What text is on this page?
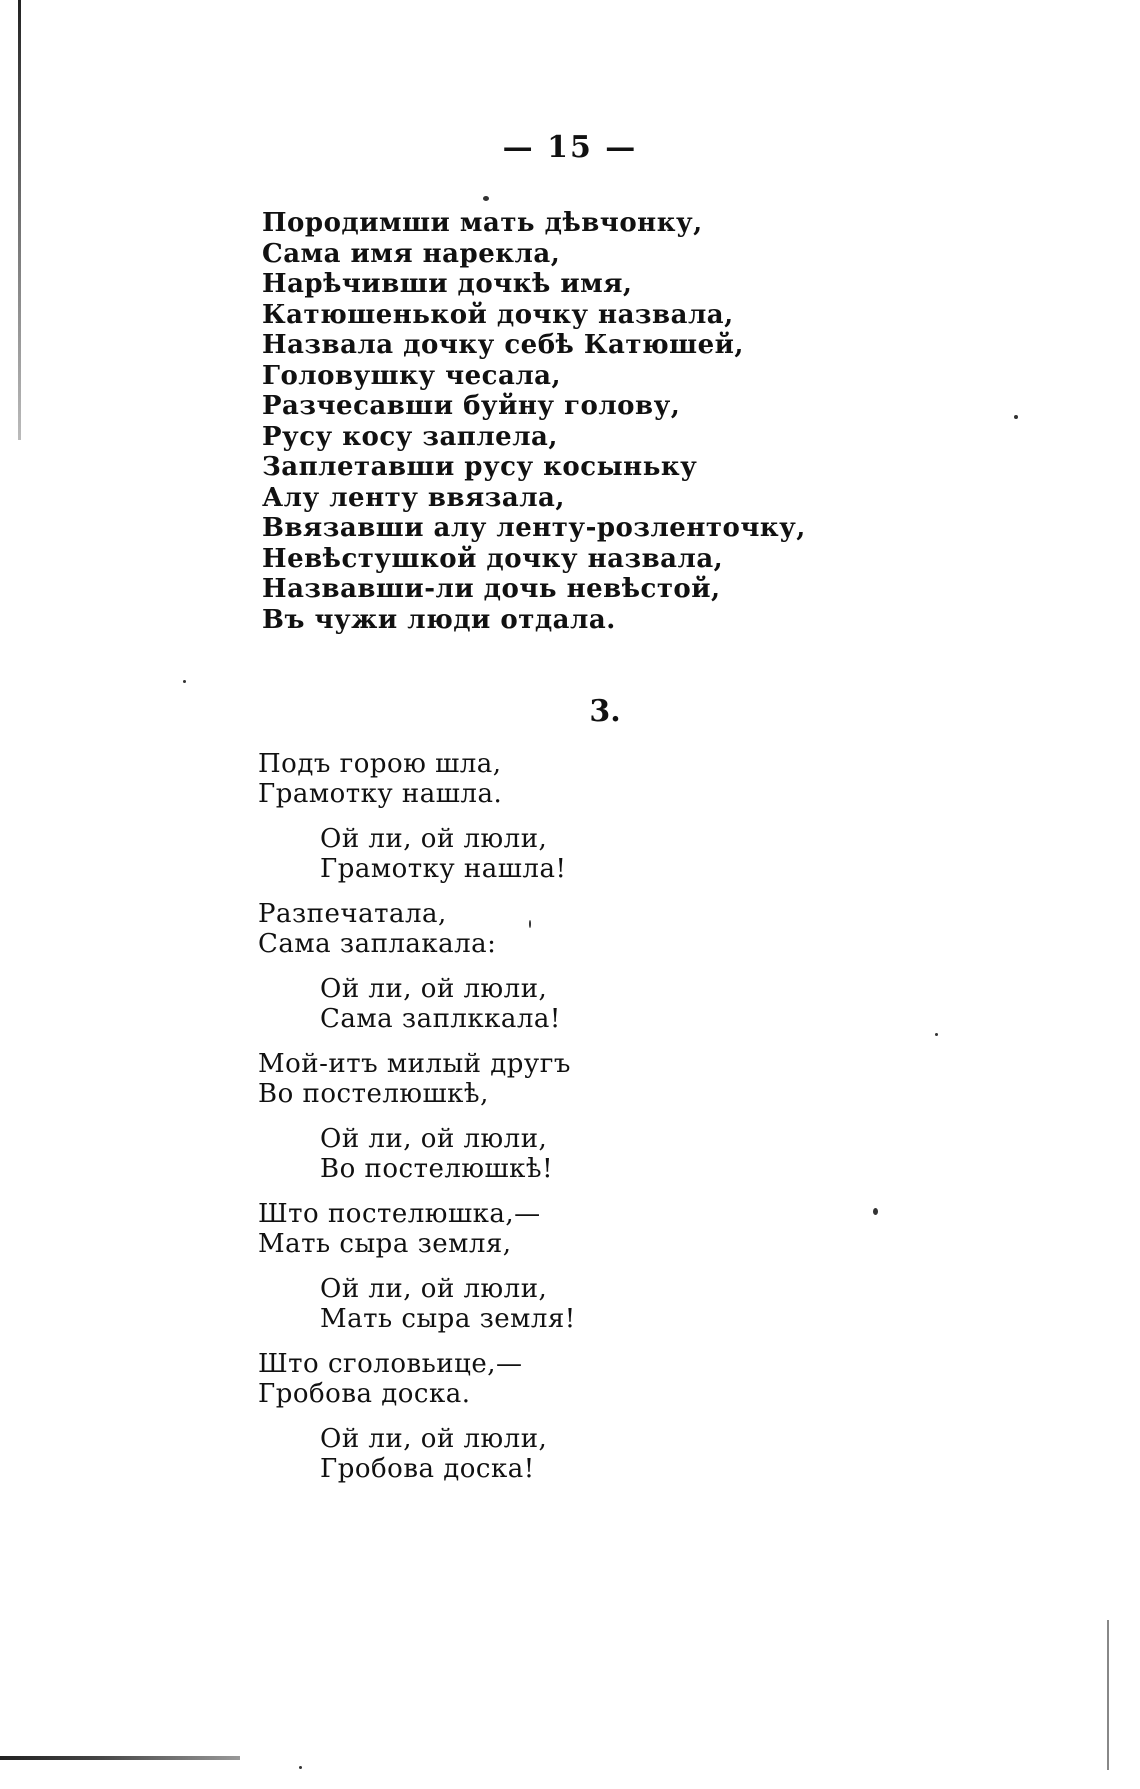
— 15 —
Породимши мать дѣвчонку,
Сама имя нарекла,
Нарѣчивши дочкѣ имя,
Катюшенькой дочку назвала,
Назвала дочку себѣ Катюшей,
Головушку чесала,
Разчесавши буйну голову,
Русу косу заплела,
Заплетавши русу косыньку
Алу ленту ввязала,
Ввязавши алу ленту-розленточку,
Невѣстушкой дочку назвала,
Назвавши-ли дочь невѣстой,
Въ чужи люди отдала.
3.
Подъ горою шла,
Грамотку нашла.
Ой ли, ой люли,
Грамотку нашла!
Разпечатала,
Сама заплакала:
Ой ли, ой люли,
Сама заплккала!
Мой-итъ милый другъ
Во постелюшкѣ,
Ой ли, ой люли,
Во постелюшкѣ!
Што постелюшка,—
Мать сыра земля,
Ой ли, ой люли,
Мать сыра земля!
Што сголовьице,—
Гробова доска.
Ой ли, ой люли,
Гробова доска!
